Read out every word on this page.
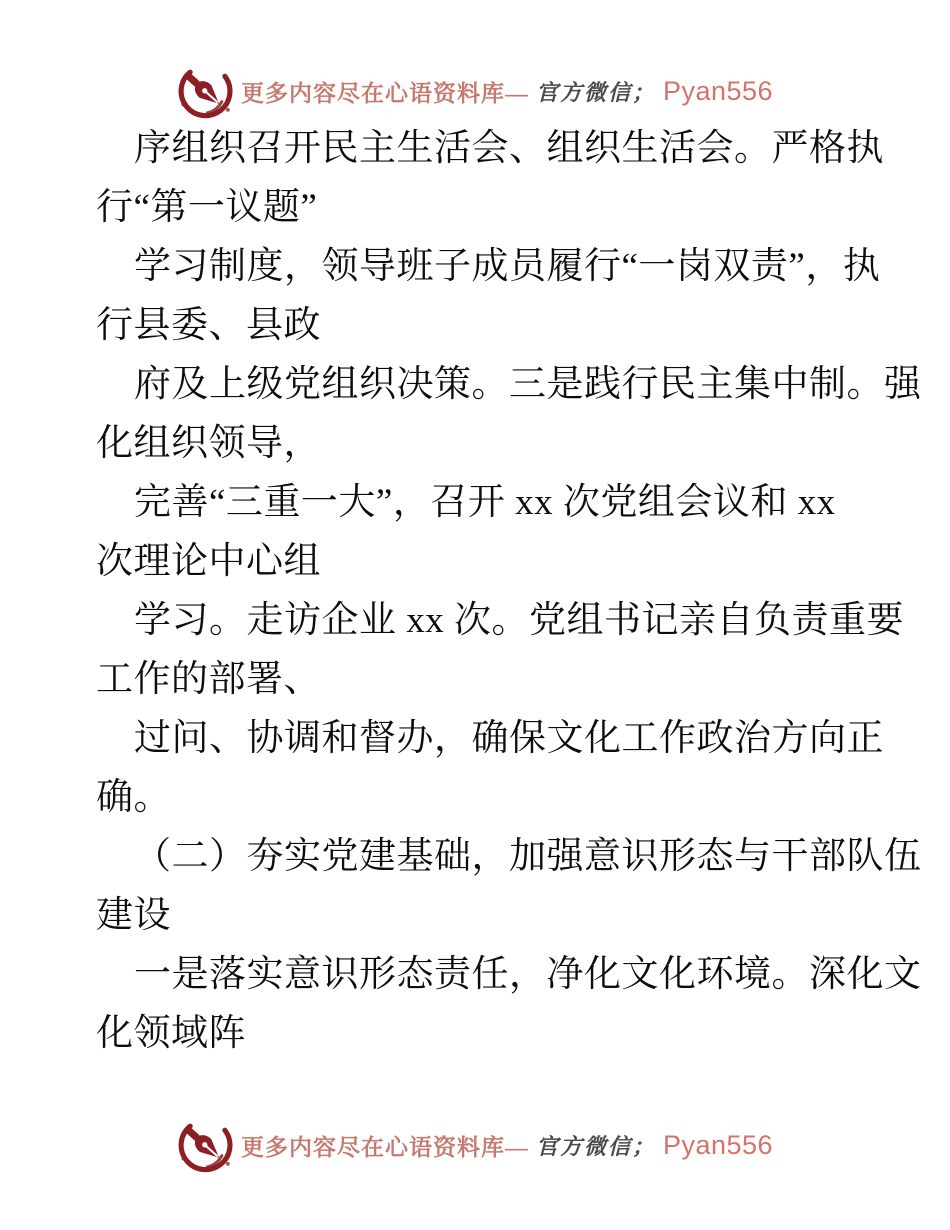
更多内容尽在心语资料库— 官方微信； Pyan556
序组织召开民主生活会、组织生活会。严格执
行“第一议题”
学习制度，领导班子成员履行“一岗双责”，执
行县委、县政
府及上级党组织决策。三是践行民主集中制。强
化组织领导，
完善“三重一大”，召开 xx 次党组会议和 xx
次理论中心组
学习。走访企业 xx 次。党组书记亲自负责重要
工作的部署、
过问、协调和督办，确保文化工作政治方向正
确。
（二）夯实党建基础，加强意识形态与干部队伍
建设
一是落实意识形态责任，净化文化环境。深化文
化领域阵
更多内容尽在心语资料库— 官方微信； Pyan556
